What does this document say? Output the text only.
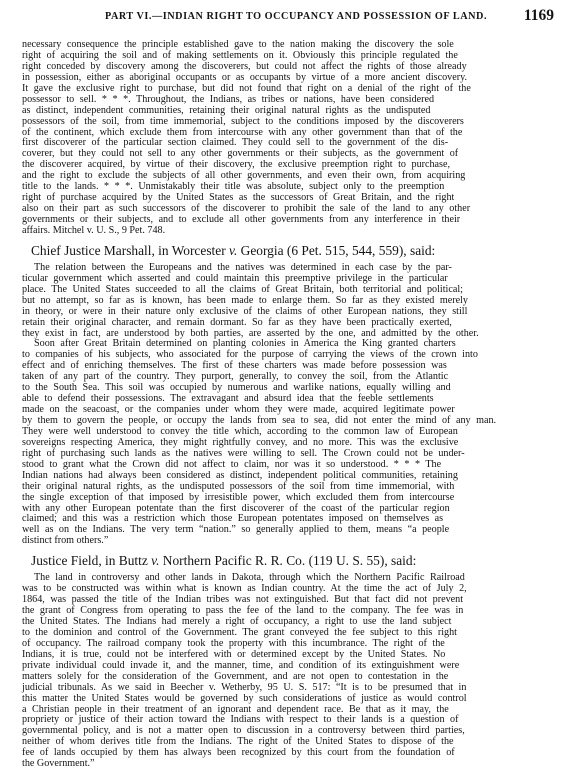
PART VI.—INDIAN RIGHT TO OCCUPANCY AND POSSESSION OF LAND.	1169
necessary consequence the principle established gave to the nation making the discovery the sole
right of acquiring the soil and of making settlements on it. Obviously this principle regulated the
right conceded by discovery among the discoverers, but could not affect the rights of those already
in possession, either as aboriginal occupants or as occupants by virtue of a more ancient discovery.
It gave the exclusive right to purchase, but did not found that right on a denial of the right of the
possessor to sell. * * *. Throughout, the Indians, as tribes or nations, have been considered
as distinct, independent communities, retaining their original natural rights as the undisputed
possessors of the soil, from time immemorial, subject to the conditions imposed by the discoverers
of the continent, which exclude them from intercourse with any other government than that of the
first discoverer of the particular section claimed. They could sell to the government of the dis-
coverer, but they could not sell to any other governments or their subjects, as the government of
the discoverer acquired, by virtue of their discovery, the exclusive preemption right to purchase,
and the right to exclude the subjects of all other governments, and even their own, from acquiring
title to the lands. * * *. Unmistakably their title was absolute, subject only to the preemption
right of purchase acquired by the United States as the successors of Great Britain, and the right
also on their part as such successors of the discoverer to prohibit the sale of the land to any other
governments or their subjects, and to exclude all other governments from any interference in their
affairs. Mitchel v. U. S., 9 Pet. 748.
Chief Justice Marshall, in Worcester v. Georgia (6 Pet. 515, 544, 559), said:
The relation between the Europeans and the natives was determined in each case by the par-
ticular government which asserted and could maintain this preemptive privilege in the particular
place. The United States succeeded to all the claims of Great Britain, both territorial and political;
but no attempt, so far as is known, has been made to enlarge them. So far as they existed merely
in theory, or were in their nature only exclusive of the claims of other European nations, they still
retain their original character, and remain dormant. So far as they have been practically exerted,
they exist in fact, are understood by both parties, are asserted by the one, and admitted by the other.
Soon after Great Britain determined on planting colonies in America the King granted charters
to companies of his subjects, who associated for the purpose of carrying the views of the crown into
effect and of enriching themselves. The first of these charters was made before possession was
taken of any part of the country. They purport, generally, to convey the soil, from the Atlantic
to the South Sea. This soil was occupied by numerous and warlike nations, equally willing and
able to defend their possessions. The extravagant and absurd idea that the feeble settlements
made on the seacoast, or the companies under whom they were made, acquired legitimate power
by them to govern the people, or occupy the lands from sea to sea, did not enter the mind of any man.
They were well understood to convey the title which, according to the common law of European
sovereigns respecting America, they might rightfully convey, and no more. This was the exclusive
right of purchasing such lands as the natives were willing to sell. The Crown could not be under-
stood to grant what the Crown did not affect to claim, nor was it so understood. * * * The
Indian nations had always been considered as distinct, independent political communities, retaining
their original natural rights, as the undisputed possessors of the soil from time immemorial, with
the single exception of that imposed by irresistible power, which excluded them from intercourse
with any other European potentate than the first discoverer of the coast of the particular region
claimed; and this was a restriction which those European potentates imposed on themselves as
well as on the Indians. The very term “nation.” so generally applied to them, means “a people
distinct from others.”
Justice Field, in Buttz v. Northern Pacific R. R. Co. (119 U. S. 55), said:
The land in controversy and other lands in Dakota, through which the Northern Pacific Railroad
was to be constructed was within what is known as Indian country. At the time the act of July 2,
1864, was passed the title of the Indian tribes was not extinguished. But that fact did not prevent
the grant of Congress from operating to pass the fee of the land to the company. The fee was in
the United States. The Indians had merely a right of occupancy, a right to use the land subject
to the dominion and control of the Government. The grant conveyed the fee subject to this right
of occupancy. The railroad company took the property with this incumbrance. The right of the
Indians, it is true, could not be interfered with or determined except by the United States. No
private individual could invade it, and the manner, time, and condition of its extinguishment were
matters solely for the consideration of the Government, and are not open to contestation in the
judicial tribunals. As we said in Beecher v. Wetherby, 95 U. S. 517: “It is to be presumed that in
this matter the United States would be governed by such considerations of justice as would control
a Christian people in their treatment of an ignorant and dependent race. Be that as it may, the
propriety or justice of their action toward the Indians with respect to their lands is a question of
governmental policy, and is not a matter open to discussion in a controversy between third parties,
neither of whom derives title from the Indians. The right of the United States to dispose of the
fee of lands occupied by them has always been recognized by this court from the foundation of
the Government.”
